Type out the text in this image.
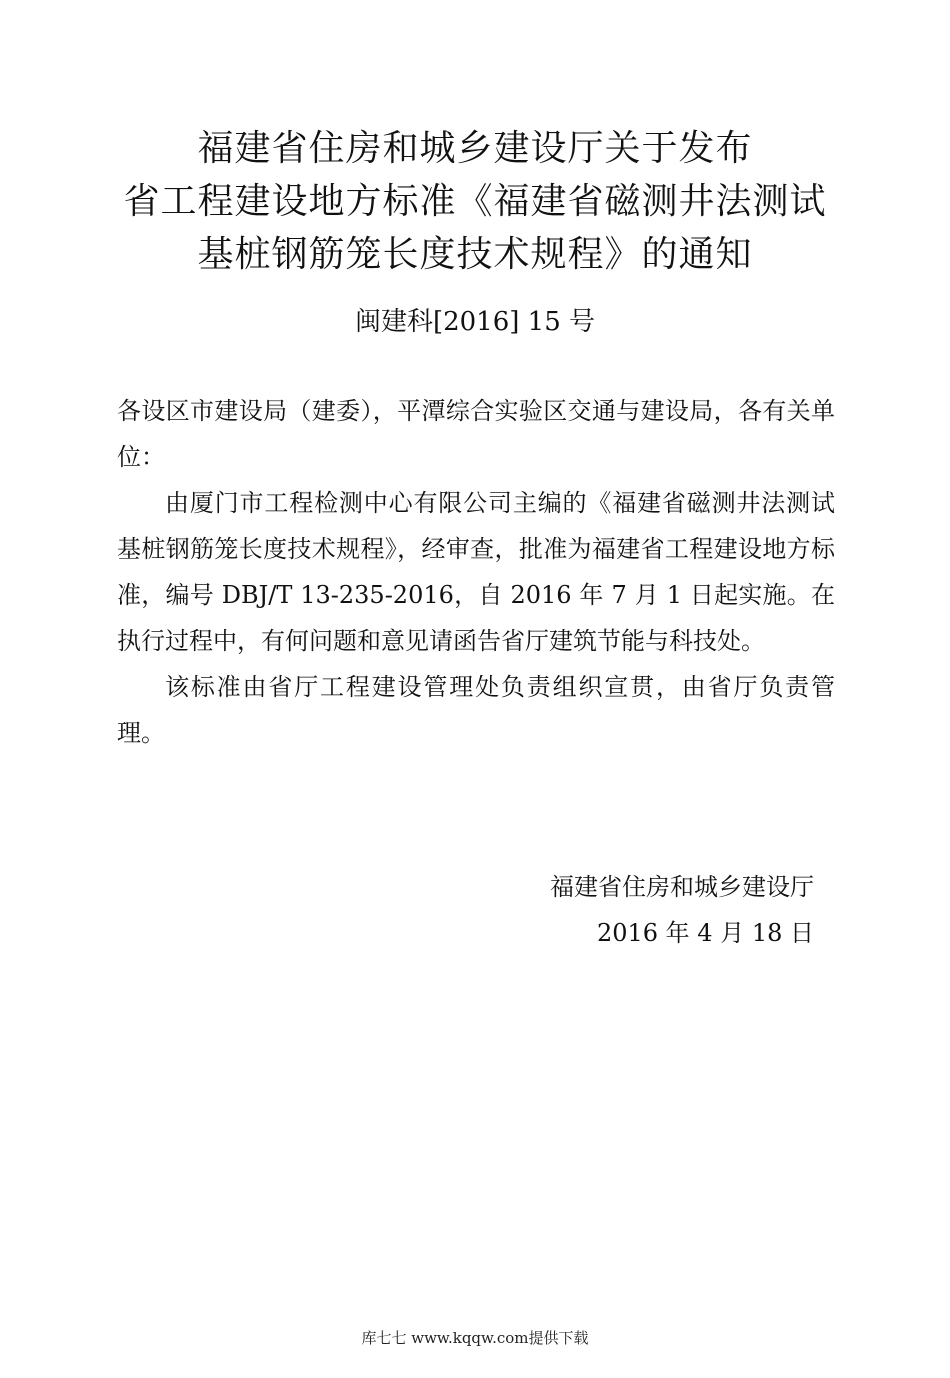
福建省住房和城乡建设厅关于发布
省工程建设地方标准《福建省磁测井法测试
基桩钢筋笼长度技术规程》的通知
闽建科[2016] 15 号

各设区市建设局（建委），平潭综合实验区交通与建设局，各有关单位：

由厦门市工程检测中心有限公司主编的《福建省磁测井法测试基桩钢筋笼长度技术规程》，经审查，批准为福建省工程建设地方标准，编号 DBJ/T 13-235-2016，自 2016 年 7 月 1 日起实施。在执行过程中，有何问题和意见请函告省厅建筑节能与科技处。

该标准由省厅工程建设管理处负责组织宣贯，由省厅负责管理。

福建省住房和城乡建设厅
2016 年 4 月 18 日
库七七 www.kqqw.com提供下载
